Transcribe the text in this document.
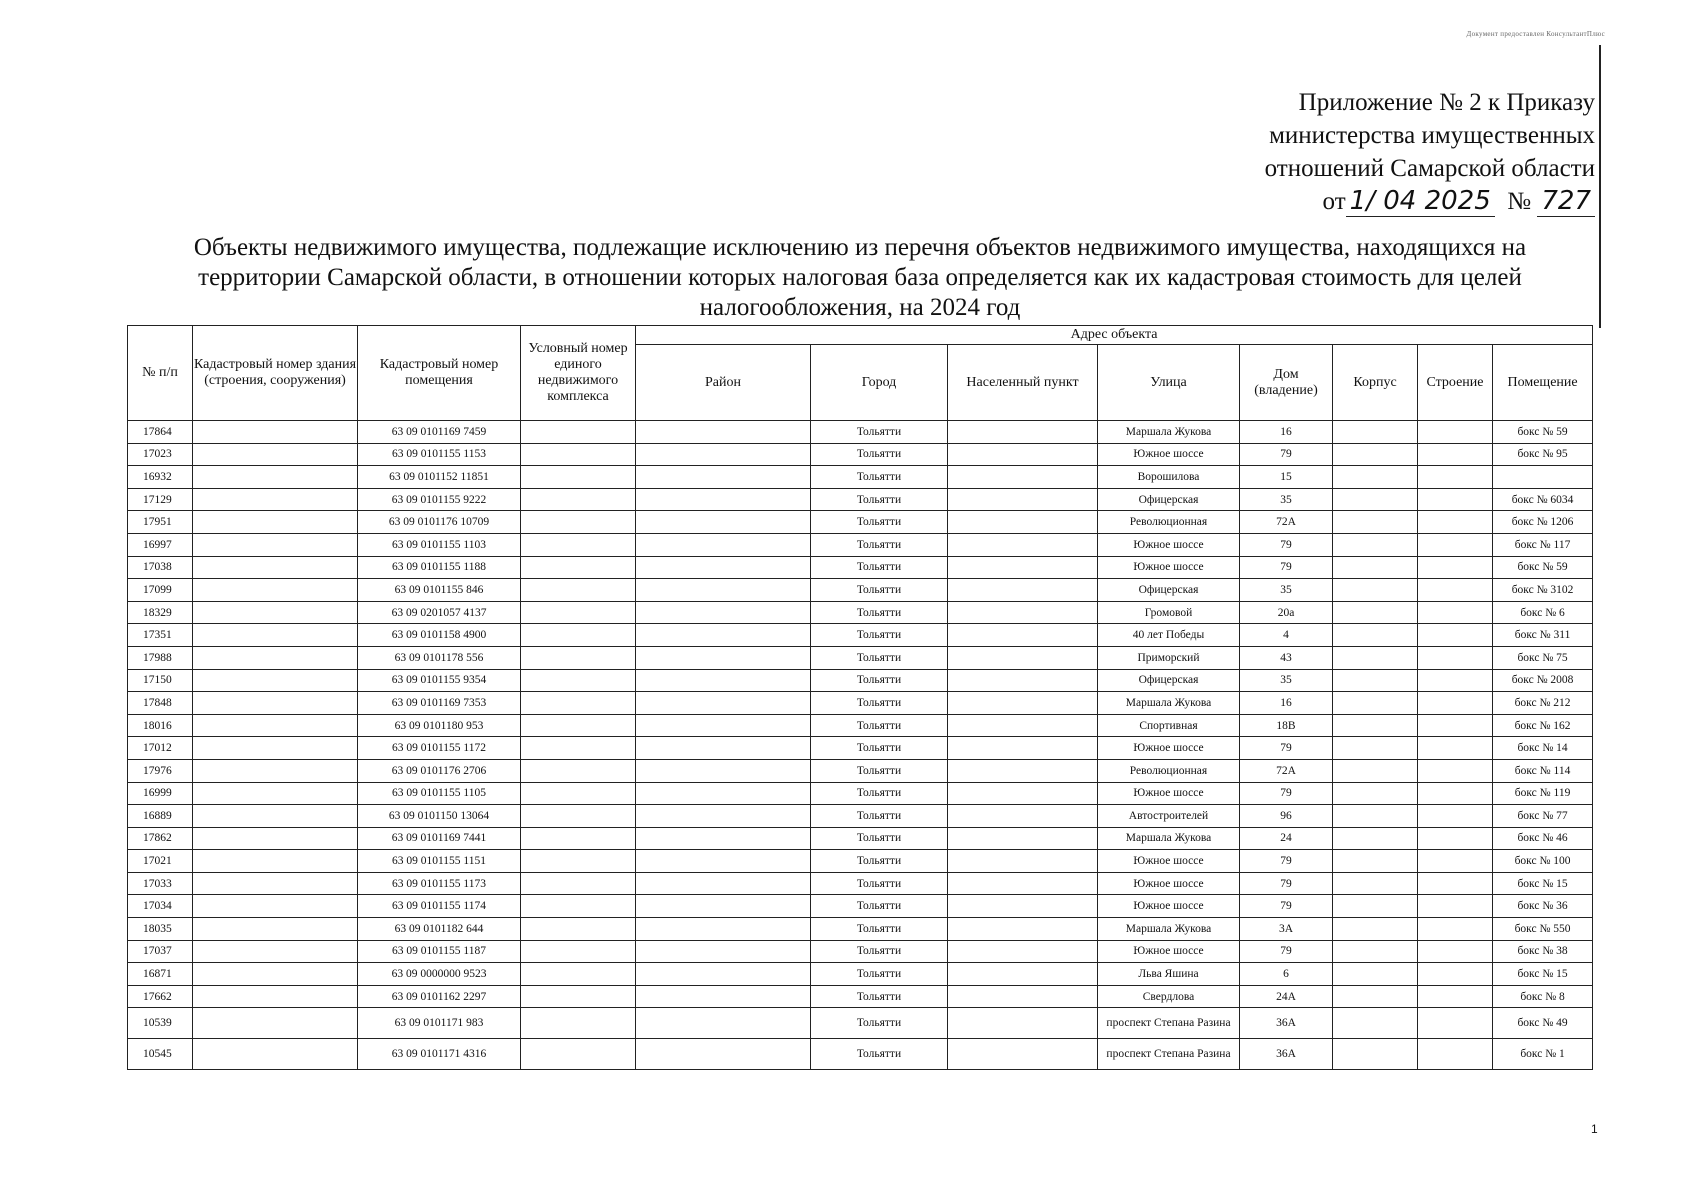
Документ предоставлен КонсультантПлюс
Приложение № 2 к Приказу
министерства имущественных
отношений Самарской области
от 1/ 04 2025 № 727
Объекты недвижимого имущества, подлежащие исключению из перечня объектов недвижимого имущества, находящихся на территории Самарской области, в отношении которых налоговая база определяется как их кадастровая стоимость для целей налогообложения, на 2024 год
№ п/п	Кадастровый номер здания (строения, сооружения)	Кадастровый номер помещения	Условный номер единого недвижимого комплекса	Адрес объекта							
				Район	Город	Населенный пункт	Улица	Дом (владение)	Корпус	Строение	Помещение
17864		63 09 0101169 7459			Тольятти		Маршала Жукова	16			бокс № 59
17023		63 09 0101155 1153			Тольятти		Южное шоссе	79			бокс № 95
16932		63 09 0101152 11851			Тольятти		Ворошилова	15			
17129		63 09 0101155 9222			Тольятти		Офицерская	35			бокс № 6034
17951		63 09 0101176 10709			Тольятти		Революционная	72А			бокс № 1206
16997		63 09 0101155 1103			Тольятти		Южное шоссе	79			бокс № 117
17038		63 09 0101155 1188			Тольятти		Южное шоссе	79			бокс № 59
17099		63 09 0101155 846			Тольятти		Офицерская	35			бокс № 3102
18329		63 09 0201057 4137			Тольятти		Громовой	20а			бокс № 6
17351		63 09 0101158 4900			Тольятти		40 лет Победы	4			бокс № 311
17988		63 09 0101178 556			Тольятти		Приморский	43			бокс № 75
17150		63 09 0101155 9354			Тольятти		Офицерская	35			бокс № 2008
17848		63 09 0101169 7353			Тольятти		Маршала Жукова	16			бокс № 212
18016		63 09 0101180 953			Тольятти		Спортивная	18В			бокс № 162
17012		63 09 0101155 1172			Тольятти		Южное шоссе	79			бокс № 14
17976		63 09 0101176 2706			Тольятти		Революционная	72А			бокс № 114
16999		63 09 0101155 1105			Тольятти		Южное шоссе	79			бокс № 119
16889		63 09 0101150 13064			Тольятти		Автостроителей	96			бокс № 77
17862		63 09 0101169 7441			Тольятти		Маршала Жукова	24			бокс № 46
17021		63 09 0101155 1151			Тольятти		Южное шоссе	79			бокс № 100
17033		63 09 0101155 1173			Тольятти		Южное шоссе	79			бокс № 15
17034		63 09 0101155 1174			Тольятти		Южное шоссе	79			бокс № 36
18035		63 09 0101182 644			Тольятти		Маршала Жукова	3А			бокс № 550
17037		63 09 0101155 1187			Тольятти		Южное шоссе	79			бокс № 38
16871		63 09 0000000 9523			Тольятти		Льва Яшина	6			бокс № 15
17662		63 09 0101162 2297			Тольятти		Свердлова	24А			бокс № 8
10539		63 09 0101171 983			Тольятти		проспект Степана Разина	36А			бокс № 49
10545		63 09 0101171 4316			Тольятти		проспект Степана Разина	36А			бокс № 1
1
